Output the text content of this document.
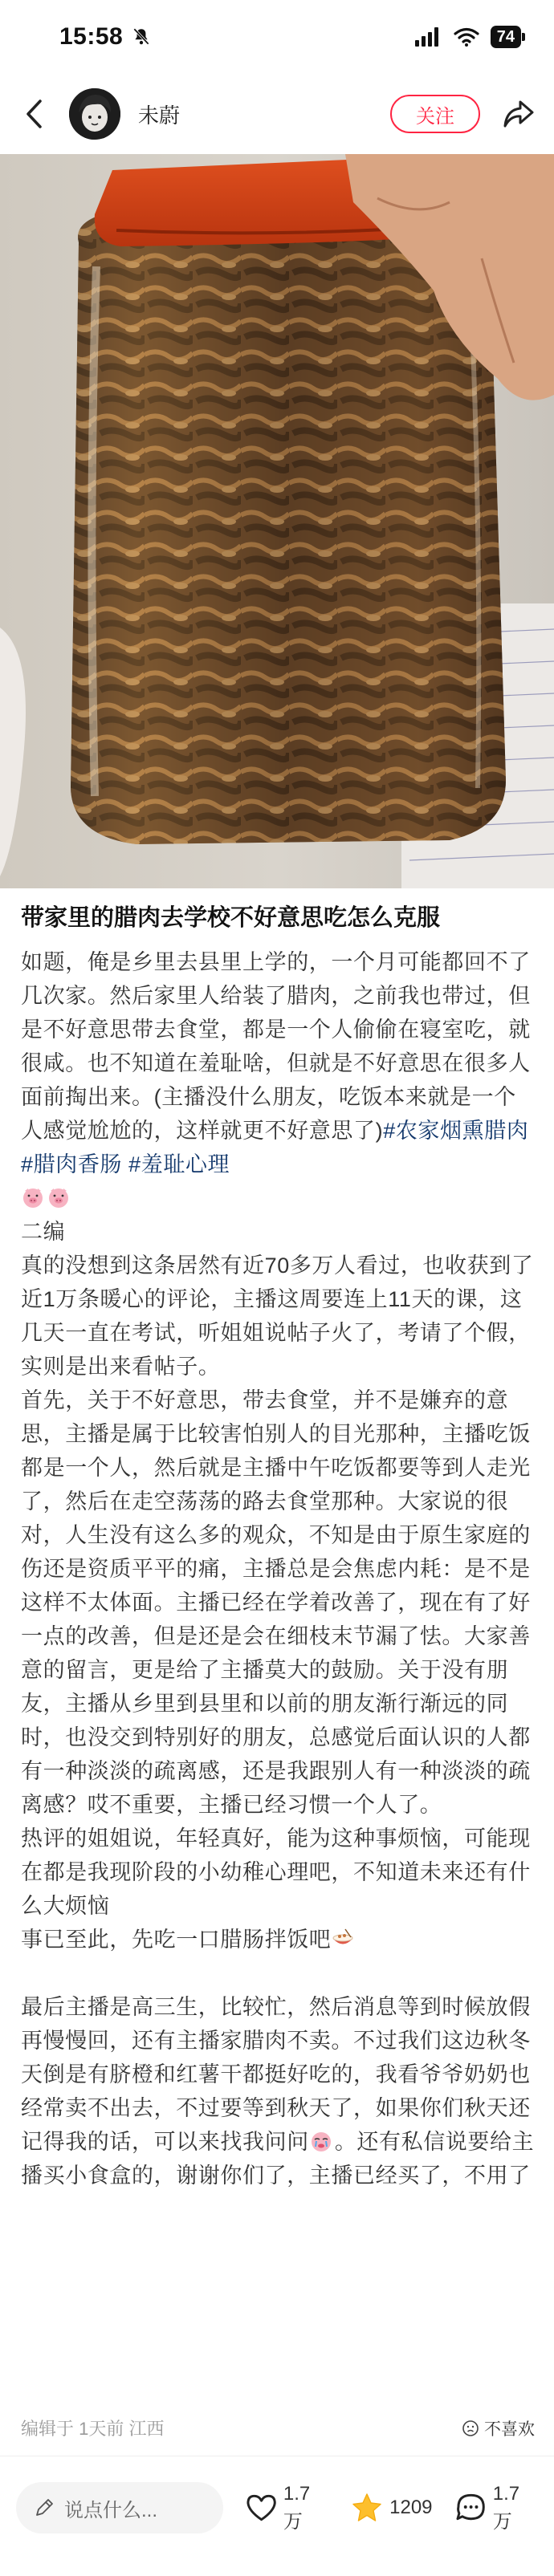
15:58	74
未蔚	关注
带家里的腊肉去学校不好意思吃怎么克服
如题，俺是乡里去县里上学的，一个月可能都回不了几次家。然后家里人给装了腊肉，之前我也带过，但是不好意思带去食堂，都是一个人偷偷在寝室吃，就很咸。也不知道在羞耻啥，但就是不好意思在很多人面前掏出来。(主播没什么朋友，吃饭本来就是一个人感觉尬尬的，这样就更不好意思了)#农家烟熏腊肉 #腊肉香肠 #羞耻心理
二编
真的没想到这条居然有近70多万人看过，也收获到了近1万条暖心的评论，主播这周要连上11天的课，这几天一直在考试，听姐姐说帖子火了，考请了个假，实则是出来看帖子。
首先，关于不好意思，带去食堂，并不是嫌弃的意思，主播是属于比较害怕别人的目光那种，主播吃饭都是一个人，然后就是主播中午吃饭都要等到人走光了，然后在走空荡荡的路去食堂那种。大家说的很对，人生没有这么多的观众，不知是由于原生家庭的伤还是资质平平的痛，主播总是会焦虑内耗：是不是这样不太体面。主播已经在学着改善了，现在有了好一点的改善，但是还是会在细枝末节漏了怯。大家善意的留言，更是给了主播莫大的鼓励。关于没有朋友，主播从乡里到县里和以前的朋友渐行渐远的同时，也没交到特别好的朋友，总感觉后面认识的人都有一种淡淡的疏离感，还是我跟别人有一种淡淡的疏离感？哎不重要，主播已经习惯一个人了。
热评的姐姐说，年轻真好，能为这种事烦恼，可能现在都是我现阶段的小幼稚心理吧，不知道未来还有什么大烦恼
事已至此，先吃一口腊肠拌饭吧
最后主播是高三生，比较忙，然后消息等到时候放假再慢慢回，还有主播家腊肉不卖。不过我们这边秋冬天倒是有脐橙和红薯干都挺好吃的，我看爷爷奶奶也经常卖不出去，不过要等到秋天了，如果你们秋天还记得我的话，可以来找我问问 。还有私信说要给主播买小食盒的，谢谢你们了，主播已经买了，不用了
编辑于 1天前 江西	不喜欢
说点什么...
1.7万
1209
1.7万
